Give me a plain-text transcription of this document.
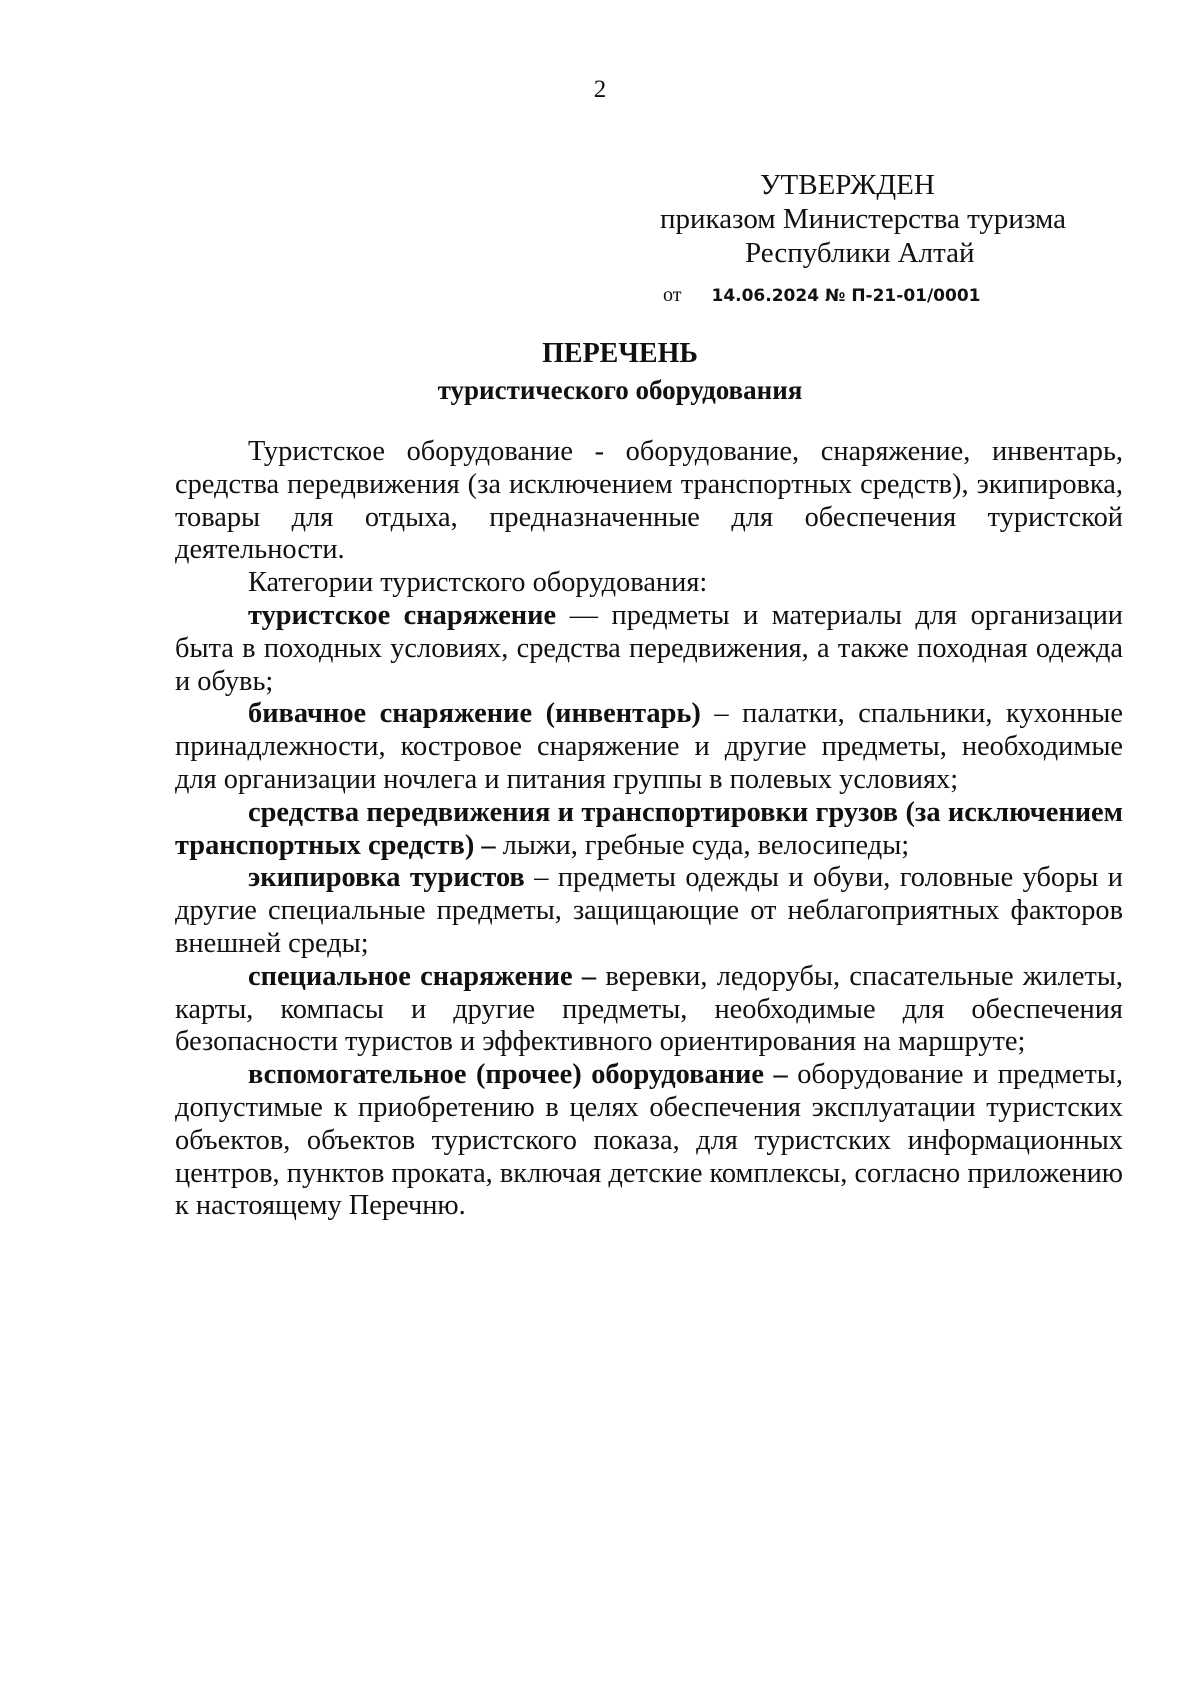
2
УТВЕРЖДЕН
приказом Министерства туризма
Республики Алтай
от 14.06.2024 № П-21-01/0001
ПЕРЕЧЕНЬ
туристического оборудования

Туристское оборудование - оборудование, снаряжение, инвентарь, средства передвижения (за исключением транспортных средств), экипировка, товары для отдыха, предназначенные для обеспечения туристской деятельности.

Категории туристского оборудования:

туристское снаряжение — предметы и материалы для организации быта в походных условиях, средства передвижения, а также походная одежда и обувь;

бивачное снаряжение (инвентарь) – палатки, спальники, кухонные принадлежности, костровое снаряжение и другие предметы, необходимые для организации ночлега и питания группы в полевых условиях;

средства передвижения и транспортировки грузов (за исключением транспортных средств) – лыжи, гребные суда, велосипеды;

экипировка туристов – предметы одежды и обуви, головные уборы и другие специальные предметы, защищающие от неблагоприятных факторов внешней среды;

специальное снаряжение – веревки, ледорубы, спасательные жилеты, карты, компасы и другие предметы, необходимые для обеспечения безопасности туристов и эффективного ориентирования на маршруте;

вспомогательное (прочее) оборудование – оборудование и предметы, допустимые к приобретению в целях обеспечения эксплуатации туристских объектов, объектов туристского показа, для туристских информационных центров, пунктов проката, включая детские комплексы, согласно приложению к настоящему Перечню.
